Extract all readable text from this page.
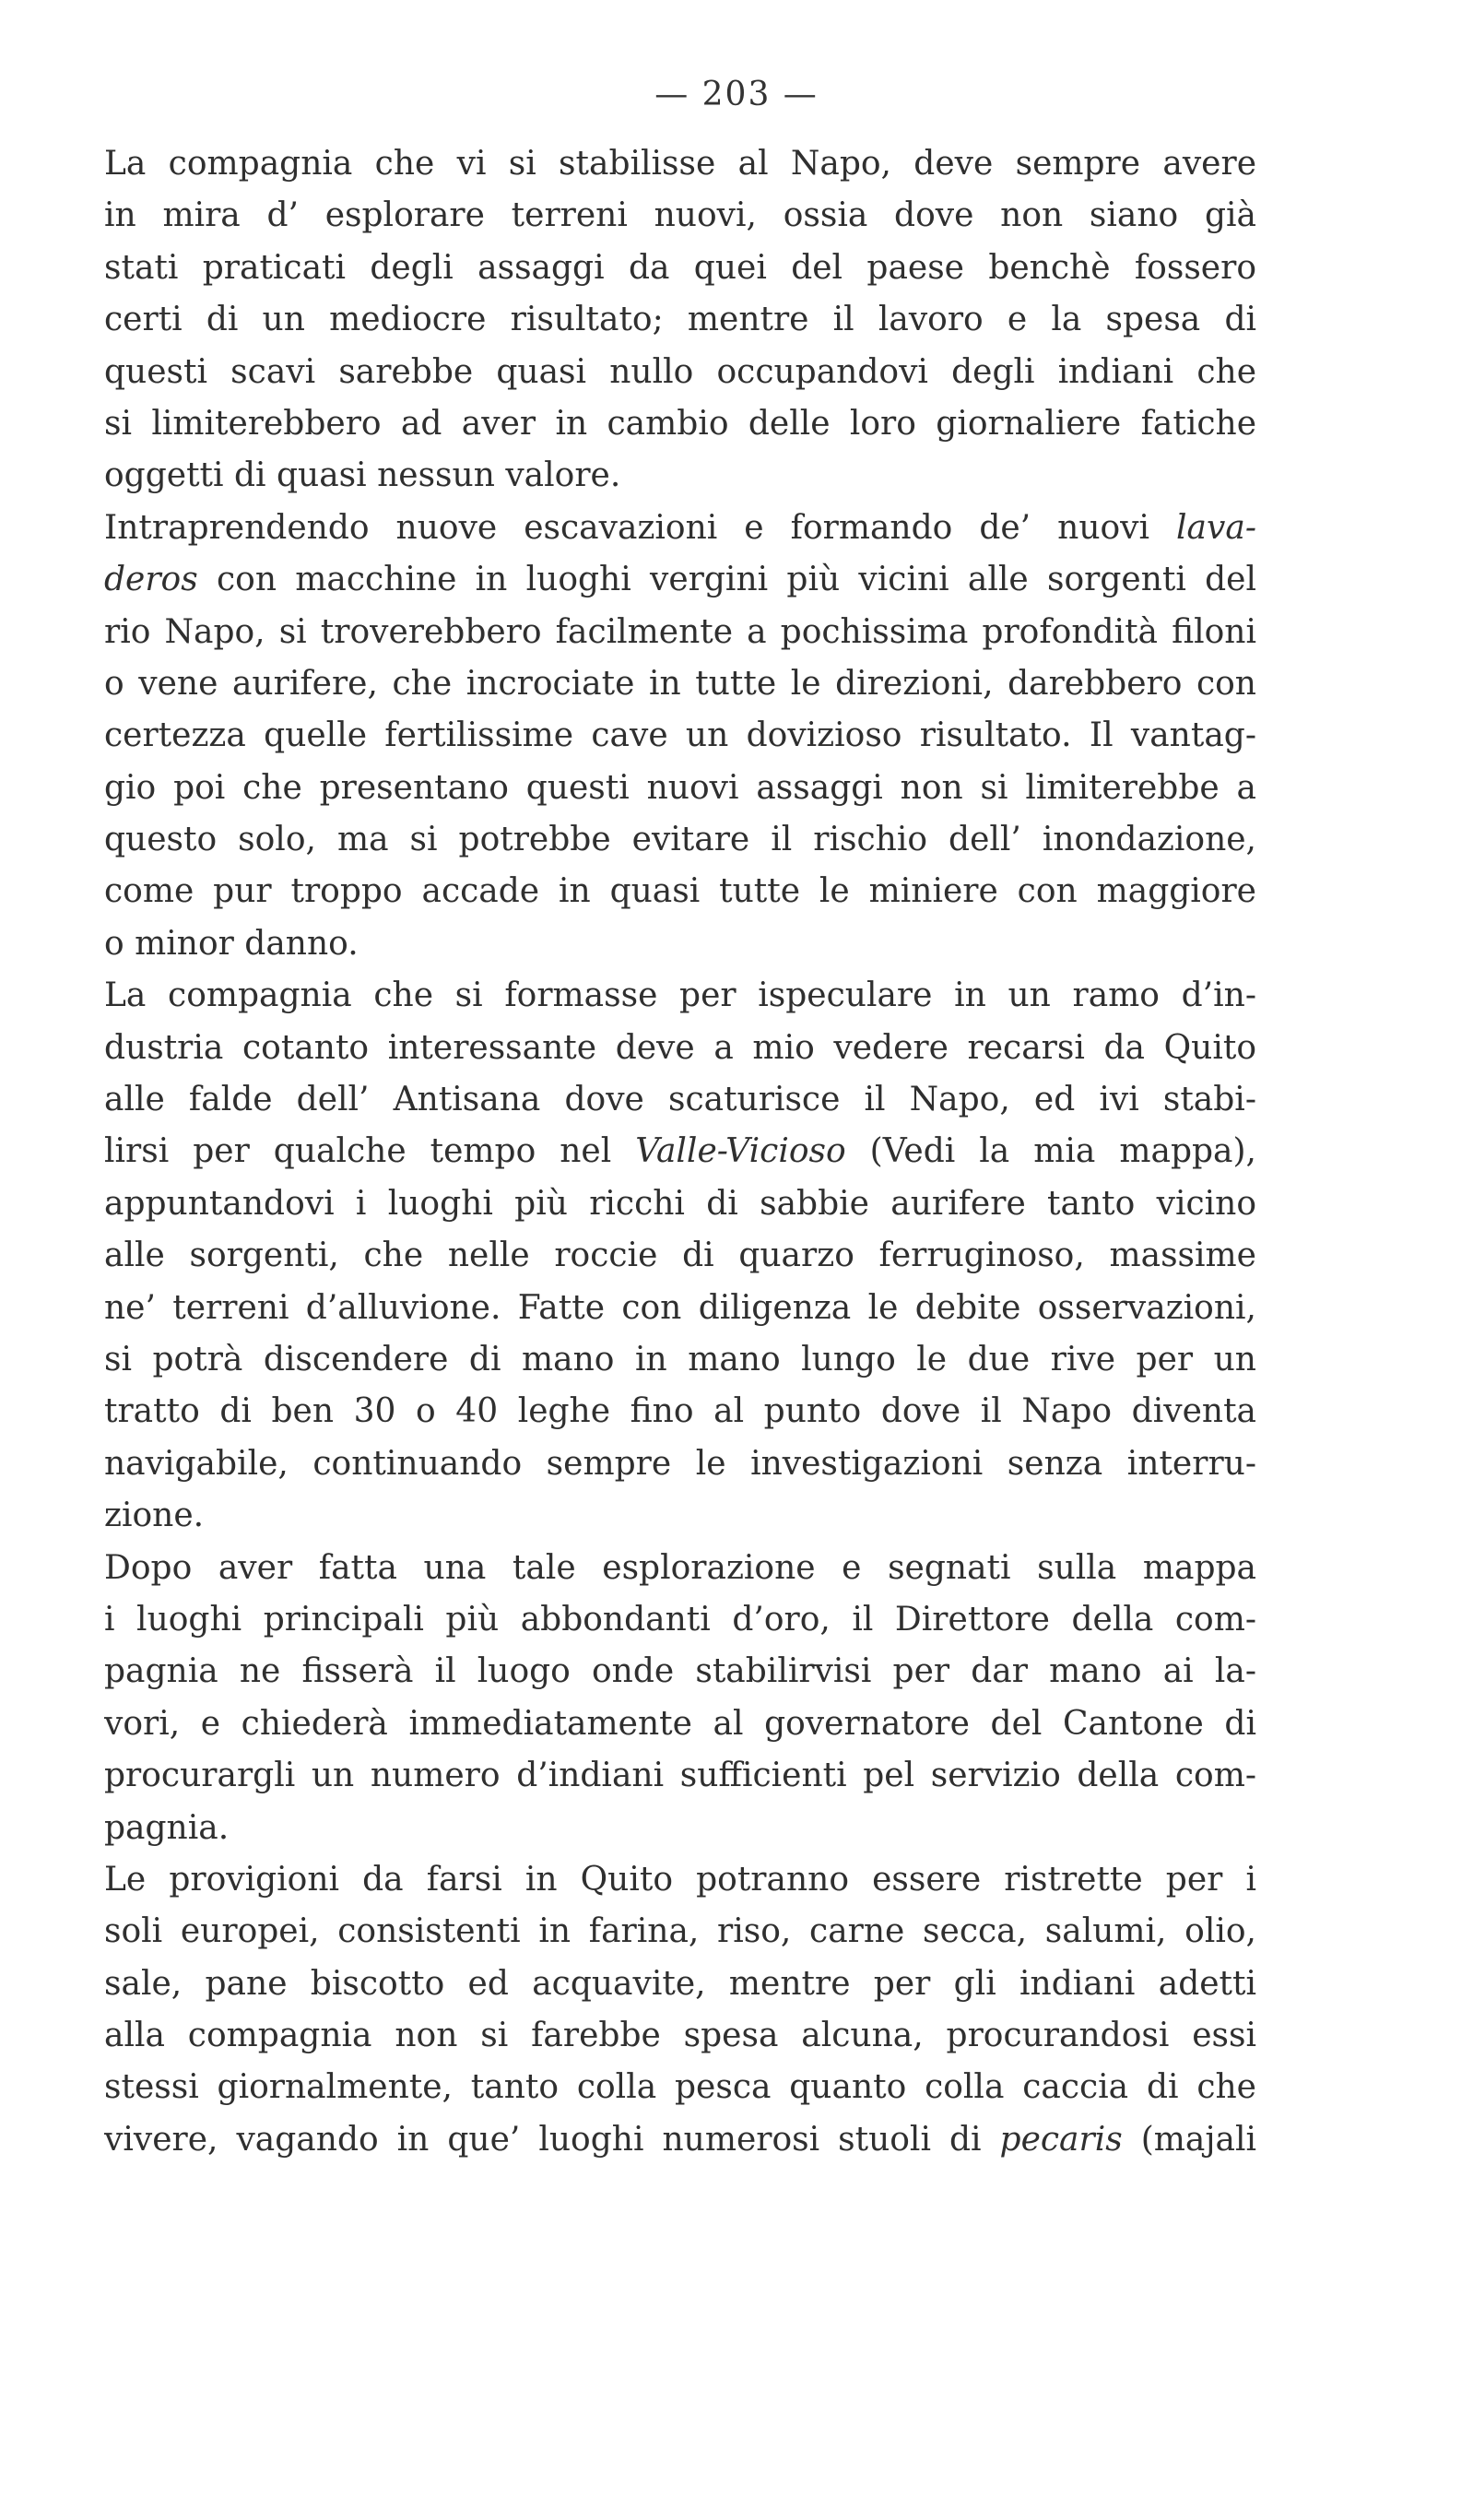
— 203 —
La compagnia che vi si stabilisse al Napo, deve sempre avere
in mira d’ esplorare terreni nuovi, ossia dove non siano già
stati praticati degli assaggi da quei del paese benchè fossero
certi di un mediocre risultato; mentre il lavoro e la spesa di
questi scavi sarebbe quasi nullo occupandovi degli indiani che
si limiterebbero ad aver in cambio delle loro giornaliere fatiche
oggetti di quasi nessun valore.
Intraprendendo nuove escavazioni e formando de’ nuovi lava-
deros con macchine in luoghi vergini più vicini alle sorgenti del
rio Napo, si troverebbero facilmente a pochissima profondità filoni
o vene aurifere, che incrociate in tutte le direzioni, darebbero con
certezza quelle fertilissime cave un dovizioso risultato. Il vantag-
gio poi che presentano questi nuovi assaggi non si limiterebbe a
questo solo, ma si potrebbe evitare il rischio dell’ inondazione,
come pur troppo accade in quasi tutte le miniere con maggiore
o minor danno.
La compagnia che si formasse per ispeculare in un ramo d’in-
dustria cotanto interessante deve a mio vedere recarsi da Quito
alle falde dell’ Antisana dove scaturisce il Napo, ed ivi stabi-
lirsi per qualche tempo nel Valle-Vicioso (Vedi la mia mappa),
appuntandovi i luoghi più ricchi di sabbie aurifere tanto vicino
alle sorgenti, che nelle roccie di quarzo ferruginoso, massime
ne’ terreni d’alluvione. Fatte con diligenza le debite osservazioni,
si potrà discendere di mano in mano lungo le due rive per un
tratto di ben 30 o 40 leghe fino al punto dove il Napo diventa
navigabile, continuando sempre le investigazioni senza interru-
zione.
Dopo aver fatta una tale esplorazione e segnati sulla mappa
i luoghi principali più abbondanti d’oro, il Direttore della com-
pagnia ne fisserà il luogo onde stabilirvisi per dar mano ai la-
vori, e chiederà immediatamente al governatore del Cantone di
procurargli un numero d’indiani sufficienti pel servizio della com-
pagnia.
Le provigioni da farsi in Quito potranno essere ristrette per i
soli europei, consistenti in farina, riso, carne secca, salumi, olio,
sale, pane biscotto ed acquavite, mentre per gli indiani adetti
alla compagnia non si farebbe spesa alcuna, procurandosi essi
stessi giornalmente, tanto colla pesca quanto colla caccia di che
vivere, vagando in que’ luoghi numerosi stuoli di pecaris (majali
